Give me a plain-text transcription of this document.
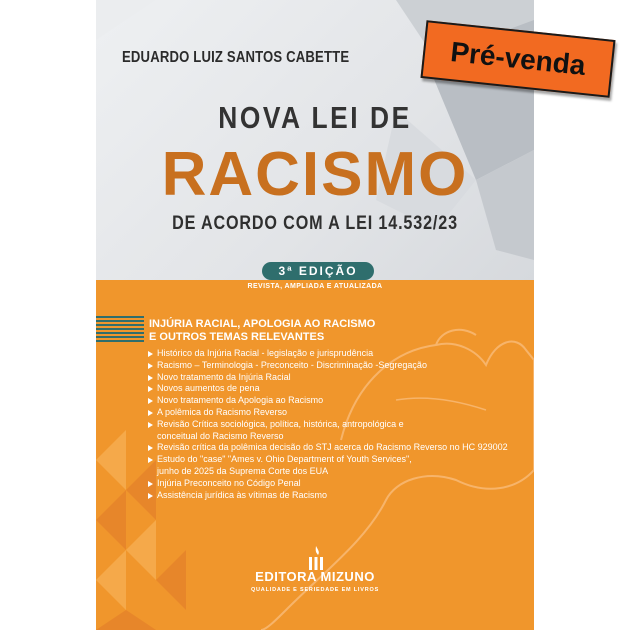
EDUARDO LUIZ SANTOS CABETTE
NOVA LEI DE
RACISMO
DE ACORDO COM A LEI 14.532/23
3ª EDIÇÃO
REVISTA, AMPLIADA E ATUALIZADA
INJÚRIA RACIAL, APOLOGIA AO RACISMO
E OUTROS TEMAS RELEVANTES
Histórico da Injúria Racial - legislação e jurisprudência
Racismo – Terminologia - Preconceito - Discriminação -Segregação
Novo tratamento da Injúria Racial
Novos aumentos de pena
Novo tratamento da Apologia ao Racismo
A polêmica do Racismo Reverso
Revisão Crítica sociológica, política, histórica, antropológica e
conceitual do Racismo Reverso
Revisão crítica da polêmica decisão do STJ acerca do Racismo Reverso no HC 929002
Estudo do "case" "Ames v. Ohio Department of Youth Services",
junho de 2025 da Suprema Corte dos EUA
Injúria Preconceito no Código Penal
Assistência jurídica às vítimas de Racismo
EDITORA MIZUNO
QUALIDADE E SERIEDADE EM LIVROS
Pré-venda
